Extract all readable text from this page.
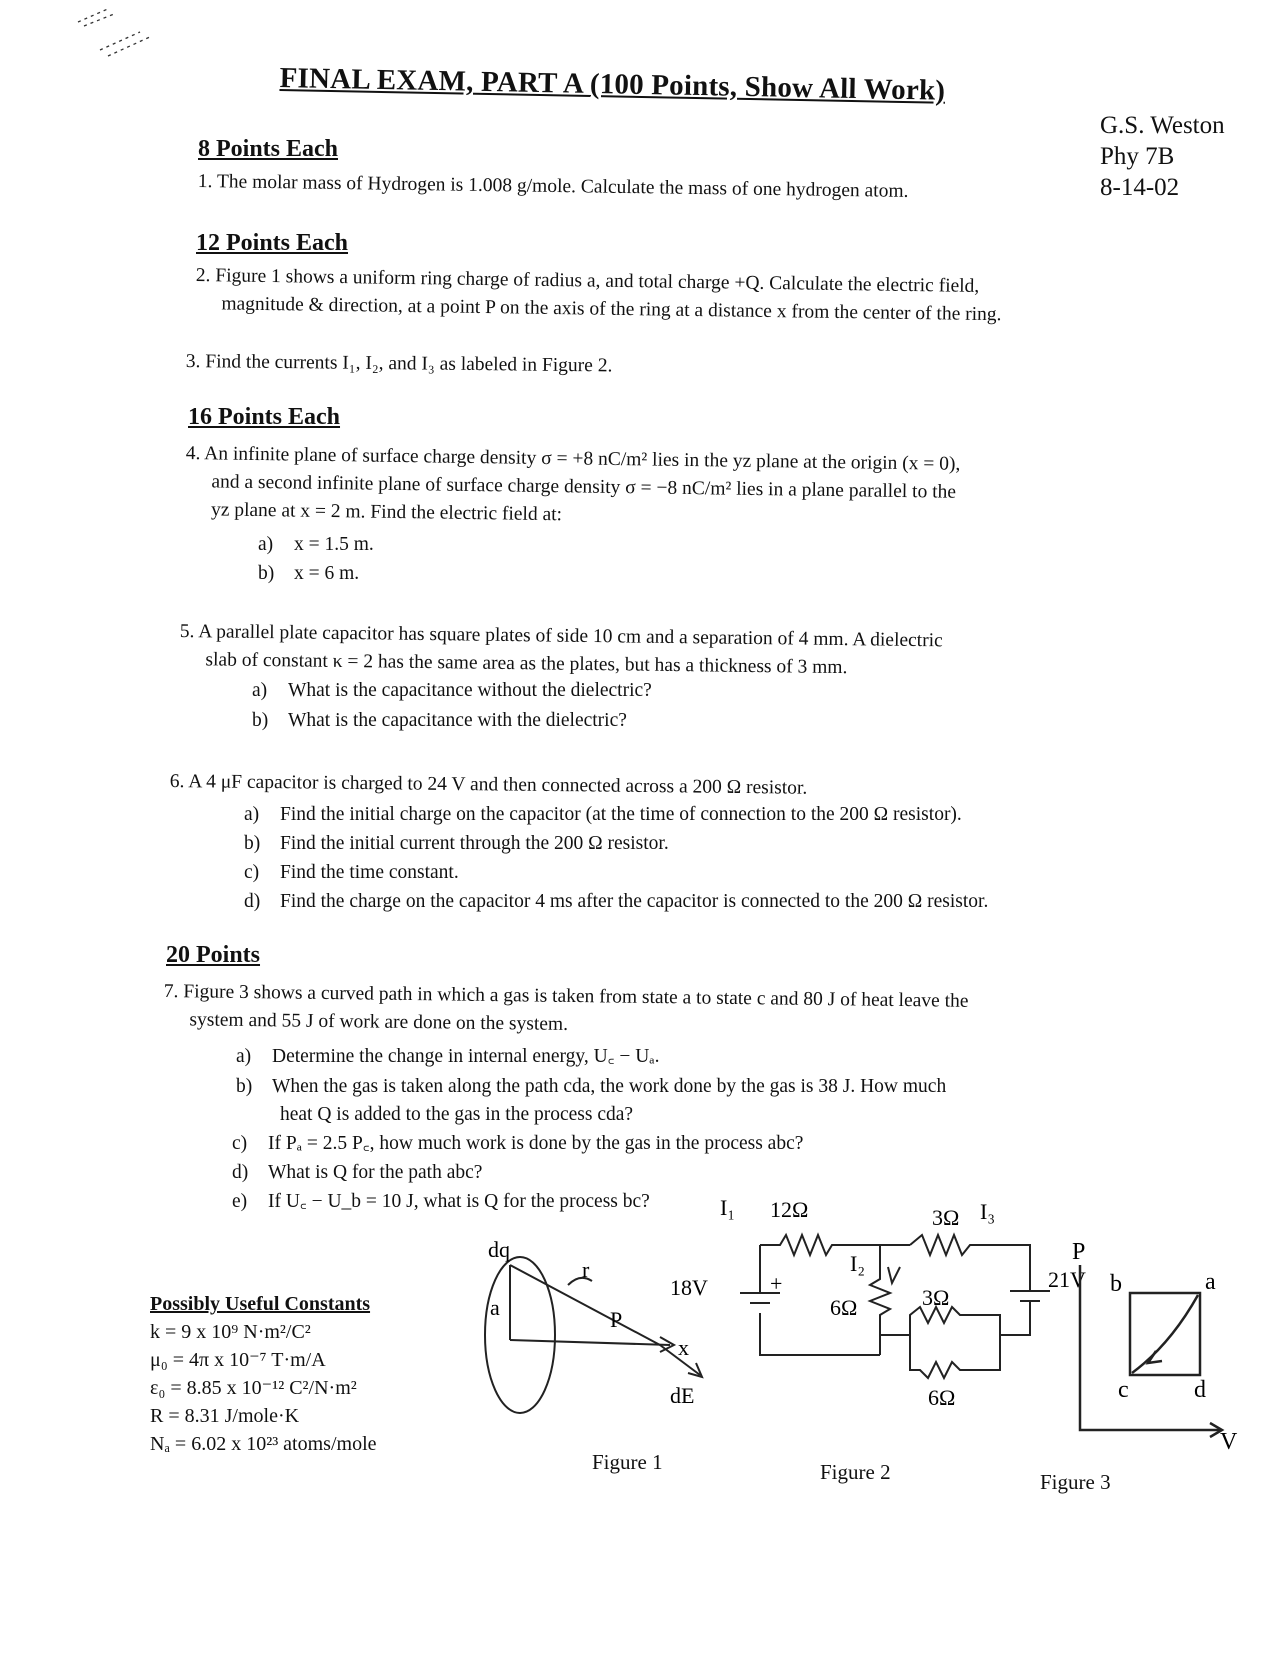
FINAL EXAM, PART A (100 Points, Show All Work)
G.S. Weston
Phy 7B
8-14-02
8 Points Each
1. The molar mass of Hydrogen is 1.008 g/mole. Calculate the mass of one hydrogen atom.
12 Points Each
2. Figure 1 shows a uniform ring charge of radius a, and total charge +Q. Calculate the electric field,
magnitude & direction, at a point P on the axis of the ring at a distance x from the center of the ring.
3. Find the currents I₁, I₂, and I₃ as labeled in Figure 2.
16 Points Each
4. An infinite plane of surface charge density σ = +8 nC/m² lies in the yz plane at the origin (x = 0),
and a second infinite plane of surface charge density σ = −8 nC/m² lies in a plane parallel to the
yz plane at x = 2 m. Find the electric field at:
a) x = 1.5 m.
b) x = 6 m.
5. A parallel plate capacitor has square plates of side 10 cm and a separation of 4 mm. A dielectric
slab of constant κ = 2 has the same area as the plates, but has a thickness of 3 mm.
a) What is the capacitance without the dielectric?
b) What is the capacitance with the dielectric?
6. A 4 μF capacitor is charged to 24 V and then connected across a 200 Ω resistor.
a) Find the initial charge on the capacitor (at the time of connection to the 200 Ω resistor).
b) Find the initial current through the 200 Ω resistor.
c) Find the time constant.
d) Find the charge on the capacitor 4 ms after the capacitor is connected to the 200 Ω resistor.
20 Points
7. Figure 3 shows a curved path in which a gas is taken from state a to state c and 80 J of heat leave the
system and 55 J of work are done on the system.
a) Determine the change in internal energy, U꜀ − Uₐ.
b) When the gas is taken along the path cda, the work done by the gas is 38 J. How much
heat Q is added to the gas in the process cda?
c) If Pₐ = 2.5 P꜀, how much work is done by the gas in the process abc?
d) What is Q for the path abc?
e) If U꜀ − U_b = 10 J, what is Q for the process bc?
Possibly Useful Constants
k = 9 x 10⁹ N·m²/C²
μ₀ = 4π x 10⁻⁷ T·m/A
ε₀ = 8.85 x 10⁻¹² C²/N·m²
R = 8.31 J/mole·K
Nₐ = 6.02 x 10²³ atoms/mole
dq
a
r
P
x
dE
Figure 1
I₁ 12Ω	3Ω I₃
I₂
18V	+
6Ω	3Ω
21V
6Ω
Figure 2
P
b	a
c	d
V
Figure 3
